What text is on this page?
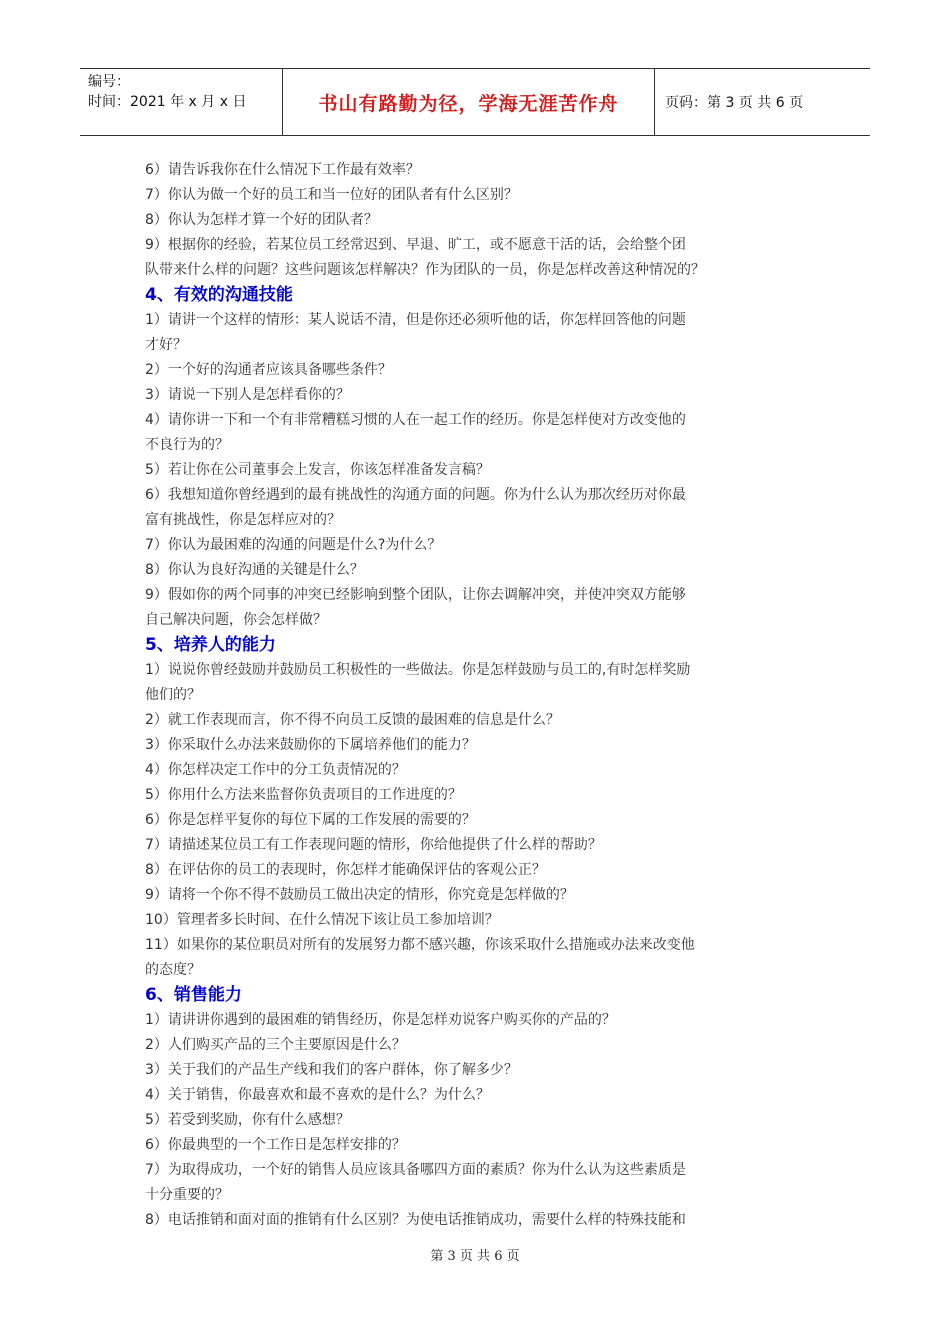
编号：
时间：2021 年 x 月 x 日	书山有路勤为径，学海无涯苦作舟	页码：第 3 页 共 6 页

6）请告诉我你在什么情况下工作最有效率？

7）你认为做一个好的员工和当一位好的团队者有什么区别？

8）你认为怎样才算一个好的团队者？

9）根据你的经验，若某位员工经常迟到、早退、旷工，或不愿意干活的话，会给整个团

队带来什么样的问题？这些问题该怎样解决？作为团队的一员，你是怎样改善这种情况的？

4、有效的沟通技能

1）请讲一个这样的情形：某人说话不清，但是你还必须听他的话，你怎样回答他的问题

才好？

2）一个好的沟通者应该具备哪些条件？

3）请说一下别人是怎样看你的？

4）请你讲一下和一个有非常糟糕习惯的人在一起工作的经历。你是怎样使对方改变他的

不良行为的？

5）若让你在公司董事会上发言，你该怎样准备发言稿？

6）我想知道你曾经遇到的最有挑战性的沟通方面的问题。你为什么认为那次经历对你最

富有挑战性，你是怎样应对的？

7）你认为最困难的沟通的问题是什么?为什么？

8）你认为良好沟通的关键是什么？

9）假如你的两个同事的冲突已经影响到整个团队，让你去调解冲突，并使冲突双方能够

自己解决问题，你会怎样做？

5、培养人的能力

1）说说你曾经鼓励并鼓励员工积极性的一些做法。你是怎样鼓励与员工的,有时怎样奖励

他们的？

2）就工作表现而言，你不得不向员工反馈的最困难的信息是什么？

3）你采取什么办法来鼓励你的下属培养他们的能力？

4）你怎样决定工作中的分工负责情况的？

5）你用什么方法来监督你负责项目的工作进度的？

6）你是怎样平复你的每位下属的工作发展的需要的？

7）请描述某位员工有工作表现问题的情形，你给他提供了什么样的帮助？

8）在评估你的员工的表现时，你怎样才能确保评估的客观公正？

9）请将一个你不得不鼓励员工做出决定的情形，你究竟是怎样做的？

10）管理者多长时间、在什么情况下该让员工参加培训？

11）如果你的某位职员对所有的发展努力都不感兴趣，你该采取什么措施或办法来改变他

的态度？

6、销售能力

1）请讲讲你遇到的最困难的销售经历，你是怎样劝说客户购买你的产品的？

2）人们购买产品的三个主要原因是什么？

3）关于我们的产品生产线和我们的客户群体，你了解多少？

4）关于销售，你最喜欢和最不喜欢的是什么？为什么？

5）若受到奖励，你有什么感想？

6）你最典型的一个工作日是怎样安排的？

7）为取得成功，一个好的销售人员应该具备哪四方面的素质？你为什么认为这些素质是

十分重要的？

8）电话推销和面对面的推销有什么区别？为使电话推销成功，需要什么样的特殊技能和

第 3 页 共 6 页
